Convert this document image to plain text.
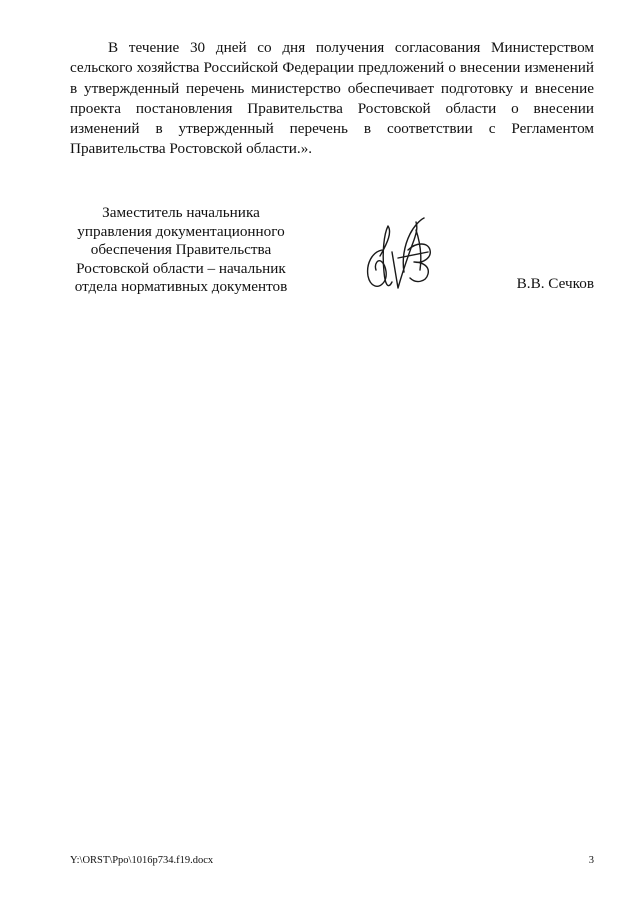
В течение 30 дней со дня получения согласования Министерством сельского хозяйства Российской Федерации предложений о внесении изменений в утвержденный перечень министерство обеспечивает подготовку и внесение проекта постановления Правительства Ростовской области о внесении изменений в утвержденный перечень в соответствии с Регламентом Правительства Ростовской области.».

Заместитель начальника
управления документационного
обеспечения Правительства
Ростовской области – начальник
отдела нормативных документов	В.В. Сечков
Y:\ORST\Ppo\1016p734.f19.docx	3
